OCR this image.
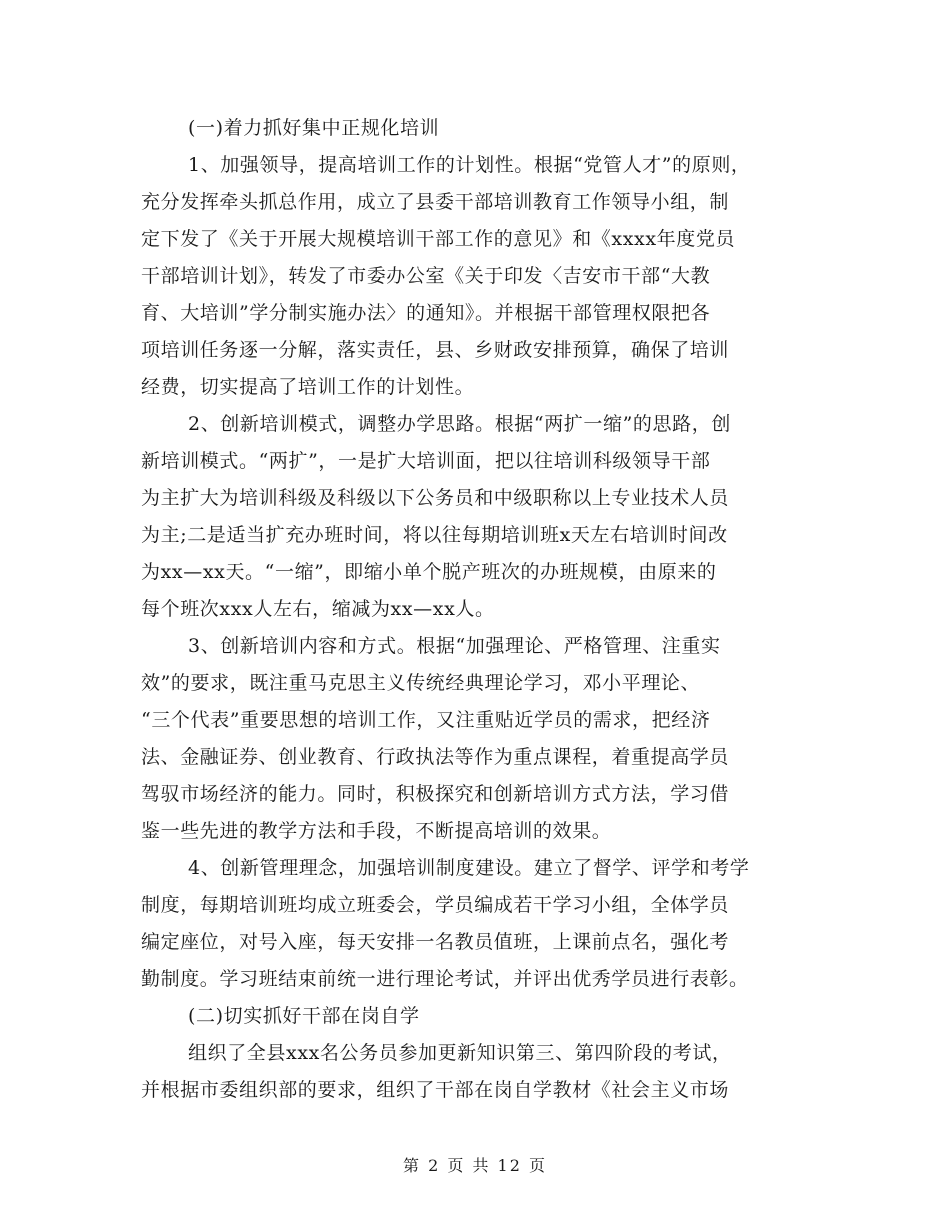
(一)着力抓好集中正规化培训
1、加强领导，提高培训工作的计划性。根据“党管人才”的原则，
充分发挥牵头抓总作用，成立了县委干部培训教育工作领导小组，制
定下发了《关于开展大规模培训干部工作的意见》和《xxxx年度党员
干部培训计划》，转发了市委办公室《关于印发〈吉安市干部“大教
育、大培训”学分制实施办法〉的通知》。并根据干部管理权限把各
项培训任务逐一分解，落实责任，县、乡财政安排预算，确保了培训
经费，切实提高了培训工作的计划性。
2、创新培训模式，调整办学思路。根据“两扩一缩”的思路，创
新培训模式。“两扩”，一是扩大培训面，把以往培训科级领导干部
为主扩大为培训科级及科级以下公务员和中级职称以上专业技术人员
为主;二是适当扩充办班时间，将以往每期培训班x天左右培训时间改
为xx—xx天。“一缩”，即缩小单个脱产班次的办班规模，由原来的
每个班次xxx人左右，缩减为xx—xx人。
3、创新培训内容和方式。根据“加强理论、严格管理、注重实
效”的要求，既注重马克思主义传统经典理论学习，邓小平理论、
“三个代表”重要思想的培训工作，又注重贴近学员的需求，把经济
法、金融证券、创业教育、行政执法等作为重点课程，着重提高学员
驾驭市场经济的能力。同时，积极探究和创新培训方式方法，学习借
鉴一些先进的教学方法和手段，不断提高培训的效果。
4、创新管理理念，加强培训制度建设。建立了督学、评学和考学
制度，每期培训班均成立班委会，学员编成若干学习小组，全体学员
编定座位，对号入座，每天安排一名教员值班，上课前点名，强化考
勤制度。学习班结束前统一进行理论考试，并评出优秀学员进行表彰。
(二)切实抓好干部在岗自学
组织了全县xxx名公务员参加更新知识第三、第四阶段的考试，
并根据市委组织部的要求，组织了干部在岗自学教材《社会主义市场
第 2 页 共 12 页
